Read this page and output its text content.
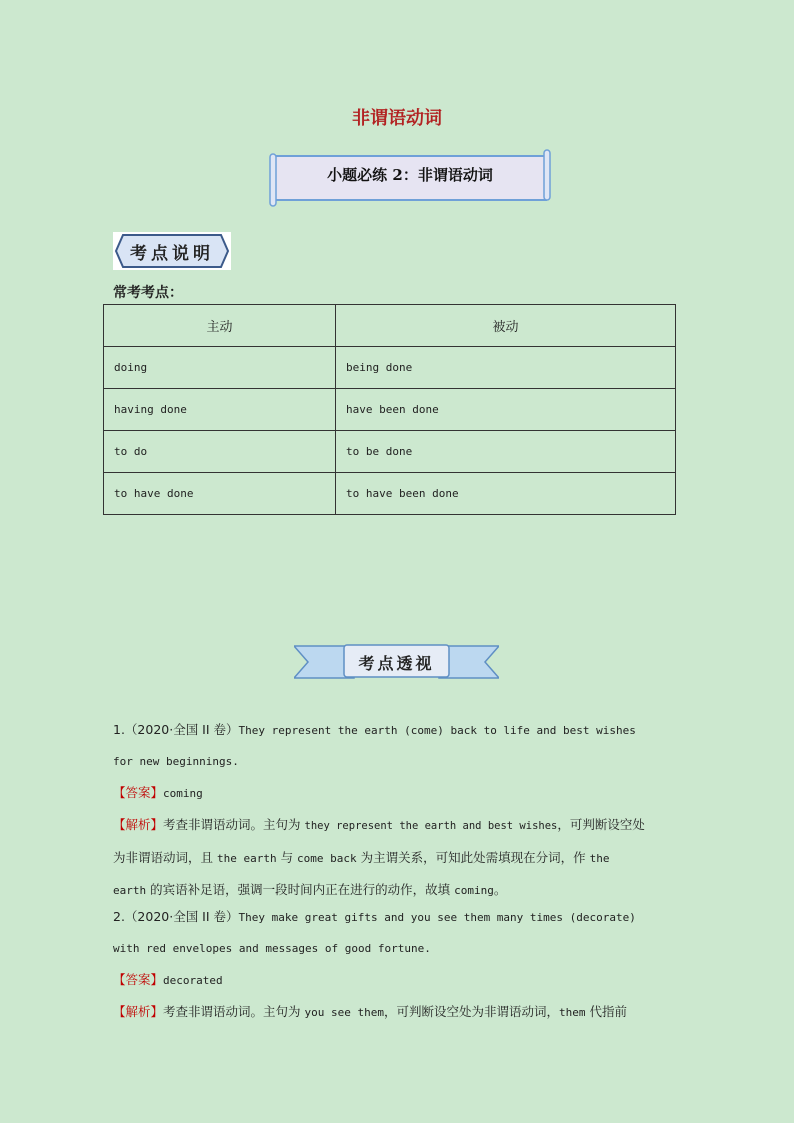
非谓语动词
小题必练 2：非谓语动词
考点说明
常考考点：
主动	被动
doing	being done
having done	have been done
to do	to be done
to have done	to have been done
考点透视
1.（2020·全国 II 卷）They represent the earth (come) back to life and best wishes
for new beginnings.
【答案】coming
【解析】考查非谓语动词。主句为 they represent the earth and best wishes，可判断设空处
为非谓语动词，且 the earth 与 come back 为主谓关系，可知此处需填现在分词，作 the
earth 的宾语补足语，强调一段时间内正在进行的动作，故填 coming。
2.（2020·全国 II 卷）They make great gifts and you see them many times (decorate)
with red envelopes and messages of good fortune.
【答案】decorated
【解析】考查非谓语动词。主句为 you see them，可判断设空处为非谓语动词，them 代指前
